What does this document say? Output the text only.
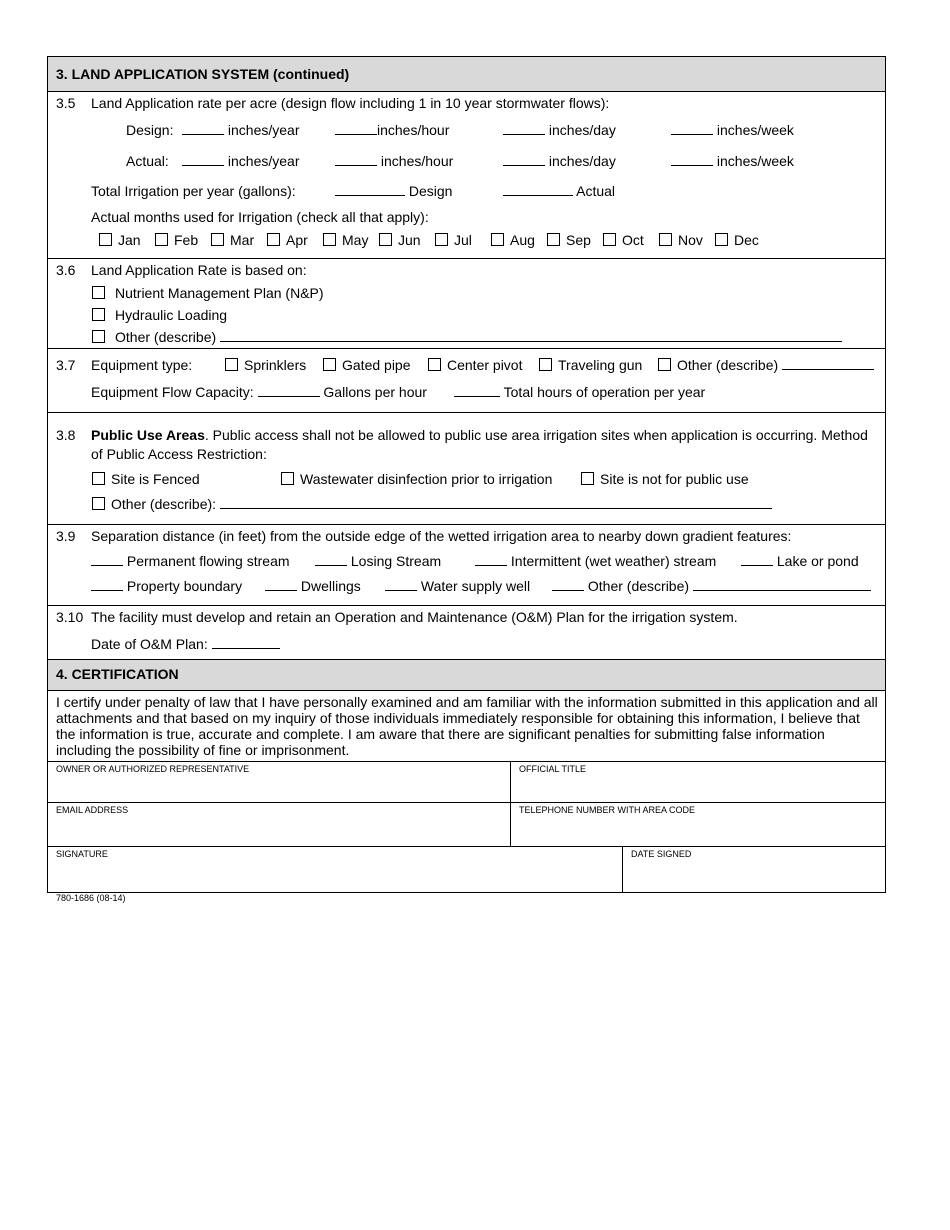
3. LAND APPLICATION SYSTEM (continued)
3.5 Land Application rate per acre (design flow including 1 in 10 year stormwater flows):
Design:	inches/year	inches/hour	inches/day	inches/week
Actual:	inches/year	inches/hour	inches/day	inches/week
Total Irrigation per year (gallons):	Design	Actual
Actual months used for Irrigation (check all that apply):
Jan	Feb	Mar	Apr	May	Jun	Jul	Aug	Sep	Oct	Nov	Dec
3.6 Land Application Rate is based on:
Nutrient Management Plan (N&P)
Hydraulic Loading
Other (describe)
3.7 Equipment type:	Sprinklers	Gated pipe	Center pivot	Traveling gun	Other (describe)
Equipment Flow Capacity:	Gallons per hour	Total hours of operation per year
3.8 Public Use Areas. Public access shall not be allowed to public use area irrigation sites when application is occurring. Method
of Public Access Restriction:
Site is Fenced	Wastewater disinfection prior to irrigation	Site is not for public use
Other (describe):
3.9 Separation distance (in feet) from the outside edge of the wetted irrigation area to nearby down gradient features:
Permanent flowing stream	Losing Stream	Intermittent (wet weather) stream	Lake or pond
Property boundary	Dwellings	Water supply well	Other (describe)
3.10 The facility must develop and retain an Operation and Maintenance (O&M) Plan for the irrigation system.
Date of O&M Plan:
4. CERTIFICATION
I certify under penalty of law that I have personally examined and am familiar with the information submitted in this application and all attachments and that based on my inquiry of those individuals immediately responsible for obtaining this information, I believe that the information is true, accurate and complete. I am aware that there are significant penalties for submitting false information including the possibility of fine or imprisonment.
OWNER OR AUTHORIZED REPRESENTATIVE	OFFICIAL TITLE
EMAIL ADDRESS	TELEPHONE NUMBER WITH AREA CODE
SIGNATURE	DATE SIGNED
780-1686 (08-14)
